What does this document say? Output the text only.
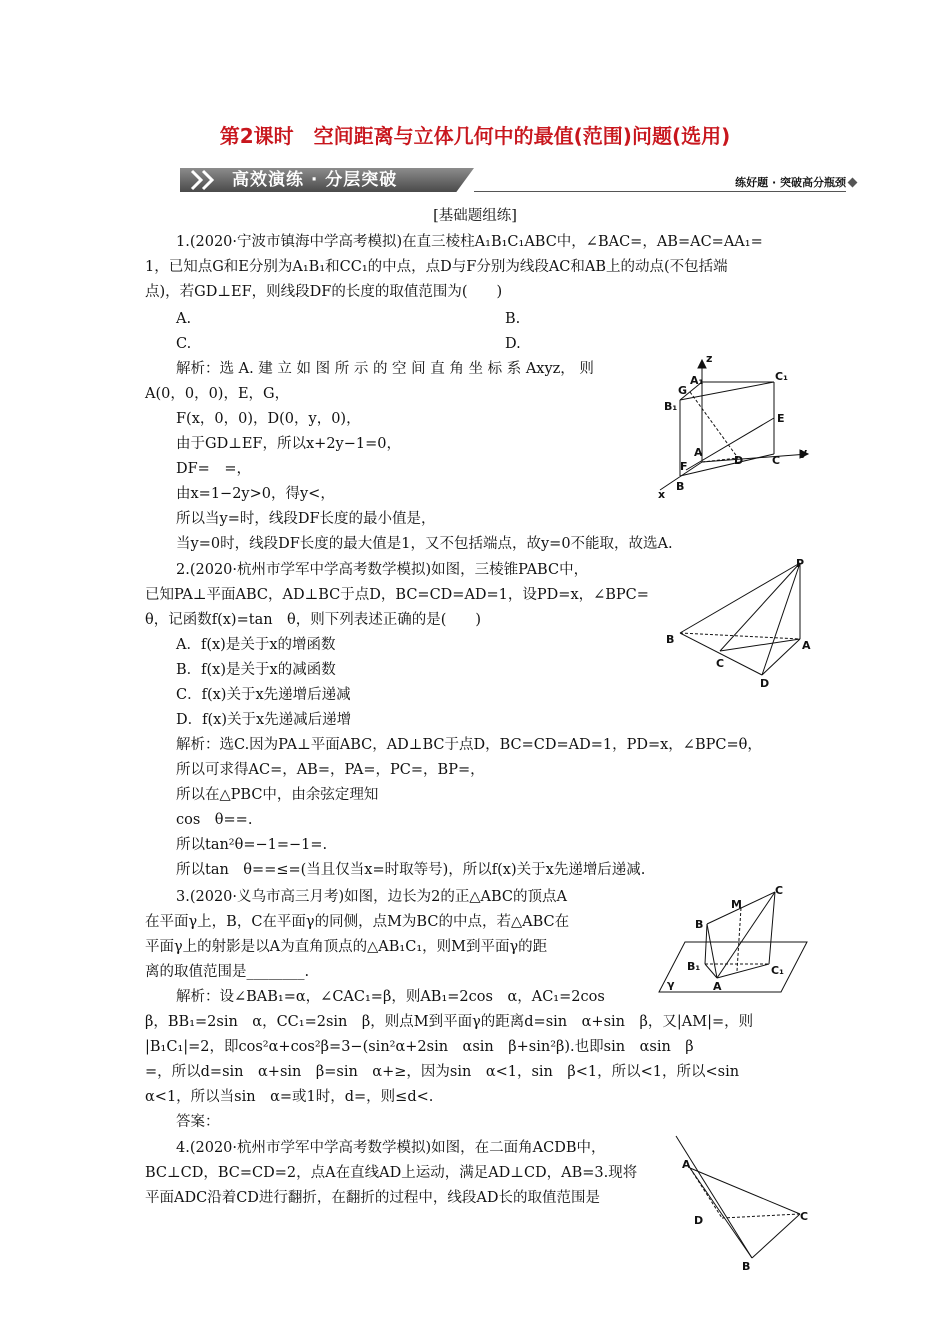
第2课时　空间距离与立体几何中的最值(范围)问题(选用)
高效演练 · 分层突破	练好题 · 突破高分瓶颈
[基础题组练]
1.(2020·宁波市镇海中学高考模拟)在直三棱柱A₁B₁C₁ABC中，∠BAC=，AB=AC=AA₁=
1，已知点G和E分别为A₁B₁和CC₁的中点，点D与F分别为线段AC和AB上的动点(不包括端
点)，若GD⊥EF，则线段DF的长度的取值范围为(　　)
A.	B.
C.	D.
解析：选 A. 建 立 如 图 所 示 的 空 间 直 角 坐 标 系 Axyz， 则
A(0，0，0)，E，G，
F(x，0，0)，D(0，y，0)，
由于GD⊥EF，所以x+2y−1=0，
DF=　=，
由x=1−2y>0，得y<，
所以当y=时，线段DF长度的最小值是，
当y=0时，线段DF长度的最大值是1，又不包括端点，故y=0不能取，故选A.
z
G
A₁	C₁
B₁
E
A
D	C
y
F
B
x
2.(2020·杭州市学军中学高考数学模拟)如图，三棱锥PABC中，
已知PA⊥平面ABC，AD⊥BC于点D，BC=CD=AD=1，设PD=x，∠BPC=
θ，记函数f(x)=tan　θ，则下列表述正确的是(　　)
A．f(x)是关于x的增函数
B．f(x)是关于x的减函数
C．f(x)关于x先递增后递减
D．f(x)关于x先递减后递增
解析：选C.因为PA⊥平面ABC，AD⊥BC于点D，BC=CD=AD=1，PD=x，∠BPC=θ，
所以可求得AC=，AB=，PA=，PC=，BP=，
所以在△PBC中，由余弦定理知
cos　θ==.
所以tan²θ=−1=−1=.
所以tan　θ==≤=(当且仅当x=时取等号)，所以f(x)关于x先递增后递减.
P
A
B
C
D
3.(2020·义乌市高三月考)如图，边长为2的正△ABC的顶点A
在平面γ上，B，C在平面γ的同侧，点M为BC的中点，若△ABC在
平面γ上的射影是以A为直角顶点的△AB₁C₁，则M到平面γ的距
离的取值范围是________.
解析：设∠BAB₁=α，∠CAC₁=β，则AB₁=2cos　α，AC₁=2cos
β，BB₁=2sin　α，CC₁=2sin　β，则点M到平面γ的距离d=sin　α+sin　β，又|AM|=，则
|B₁C₁|=2，即cos²α+cos²β=3−(sin²α+2sin　αsin　β+sin²β).也即sin　αsin　β
=，所以d=sin　α+sin　β=sin　α+≥，因为sin　α<1，sin　β<1，所以<1，所以<sin
α<1，所以当sin　α=或1时，d=，则≤d<.
答案：
C
M
B
B₁	C₁
A
γ
4.(2020·杭州市学军中学高考数学模拟)如图，在二面角ACDB中，
BC⊥CD，BC=CD=2，点A在直线AD上运动，满足AD⊥CD，AB=3.现将
平面ADC沿着CD进行翻折，在翻折的过程中，线段AD长的取值范围是
A
D	C
B
